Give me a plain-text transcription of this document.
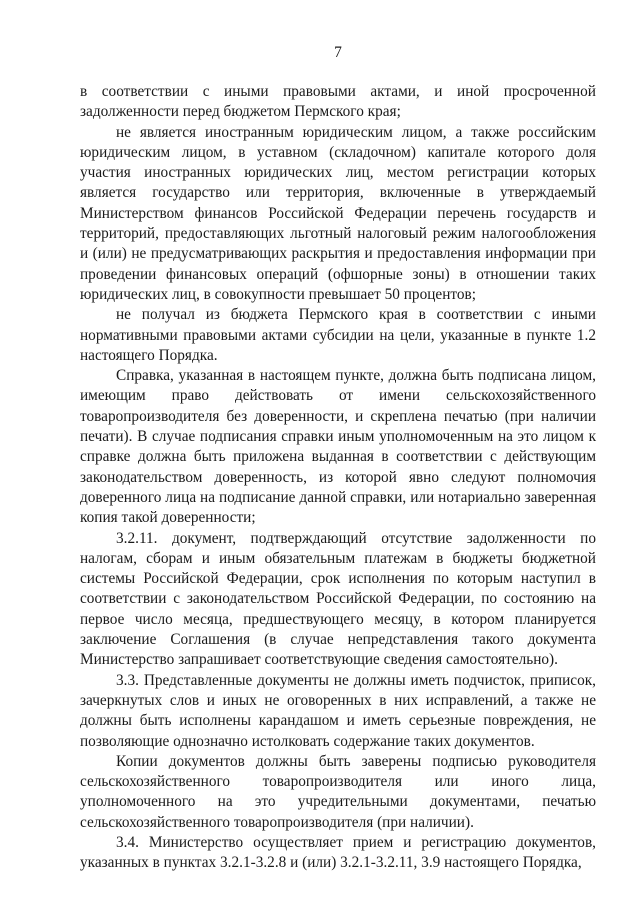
7

в соответствии с иными правовыми актами, и иной просроченной задолженности перед бюджетом Пермского края;

не является иностранным юридическим лицом, а также российским юридическим лицом, в уставном (складочном) капитале которого доля участия иностранных юридических лиц, местом регистрации которых является государство или территория, включенные в утверждаемый Министерством финансов Российской Федерации перечень государств и территорий, предоставляющих льготный налоговый режим налогообложения и (или) не предусматривающих раскрытия и предоставления информации при проведении финансовых операций (офшорные зоны) в отношении таких юридических лиц, в совокупности превышает 50 процентов;

не получал из бюджета Пермского края в соответствии с иными нормативными правовыми актами субсидии на цели, указанные в пункте 1.2 настоящего Порядка.

Справка, указанная в настоящем пункте, должна быть подписана лицом, имеющим право действовать от имени сельскохозяйственного товаропроизводителя без доверенности, и скреплена печатью (при наличии печати). В случае подписания справки иным уполномоченным на это лицом к справке должна быть приложена выданная в соответствии с действующим законодательством доверенность, из которой явно следуют полномочия доверенного лица на подписание данной справки, или нотариально заверенная копия такой доверенности;

3.2.11. документ, подтверждающий отсутствие задолженности по налогам, сборам и иным обязательным платежам в бюджеты бюджетной системы Российской Федерации, срок исполнения по которым наступил в соответствии с законодательством Российской Федерации, по состоянию на первое число месяца, предшествующего месяцу, в котором планируется заключение Соглашения (в случае непредставления такого документа Министерство запрашивает соответствующие сведения самостоятельно).

3.3. Представленные документы не должны иметь подчисток, приписок, зачеркнутых слов и иных не оговоренных в них исправлений, а также не должны быть исполнены карандашом и иметь серьезные повреждения, не позволяющие однозначно истолковать содержание таких документов.

Копии документов должны быть заверены подписью руководителя сельскохозяйственного товаропроизводителя или иного лица, уполномоченного на это учредительными документами, печатью сельскохозяйственного товаропроизводителя (при наличии).

3.4. Министерство осуществляет прием и регистрацию документов, указанных в пунктах 3.2.1-3.2.8 и (или) 3.2.1-3.2.11, 3.9 настоящего Порядка,
